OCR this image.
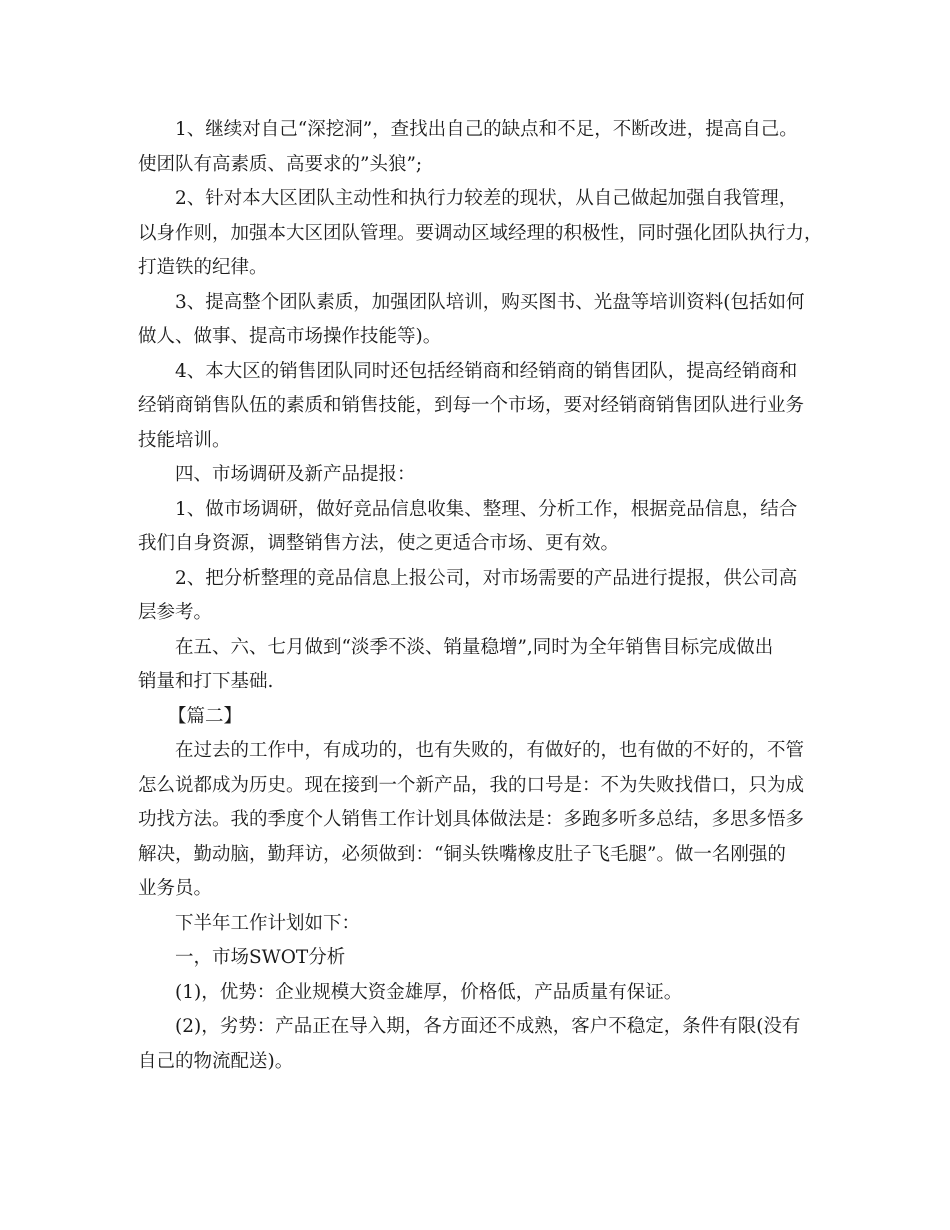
1、继续对自己“深挖洞”，查找出自己的缺点和不足，不断改进，提高自己。
使团队有高素质、高要求的”头狼”;
2、针对本大区团队主动性和执行力较差的现状，从自己做起加强自我管理，
以身作则，加强本大区团队管理。要调动区域经理的积极性，同时强化团队执行力，
打造铁的纪律。
3、提高整个团队素质，加强团队培训，购买图书、光盘等培训资料(包括如何
做人、做事、提高市场操作技能等)。
4、本大区的销售团队同时还包括经销商和经销商的销售团队，提高经销商和
经销商销售队伍的素质和销售技能，到每一个市场，要对经销商销售团队进行业务
技能培训。
四、市场调研及新产品提报：
1、做市场调研，做好竞品信息收集、整理、分析工作，根据竞品信息，结合
我们自身资源，调整销售方法，使之更适合市场、更有效。
2、把分析整理的竞品信息上报公司，对市场需要的产品进行提报，供公司高
层参考。
在五、六、七月做到“淡季不淡、销量稳增”,同时为全年销售目标完成做出
销量和打下基础.
【篇二】
在过去的工作中，有成功的，也有失败的，有做好的，也有做的不好的，不管
怎么说都成为历史。现在接到一个新产品，我的口号是：不为失败找借口，只为成
功找方法。我的季度个人销售工作计划具体做法是：多跑多听多总结，多思多悟多
解决，勤动脑，勤拜访，必须做到：“铜头铁嘴橡皮肚子飞毛腿”。做一名刚强的
业务员。
下半年工作计划如下：
一，市场SWOT分析
(1)，优势：企业规模大资金雄厚，价格低，产品质量有保证。
(2)，劣势：产品正在导入期，各方面还不成熟，客户不稳定，条件有限(没有
自己的物流配送)。
